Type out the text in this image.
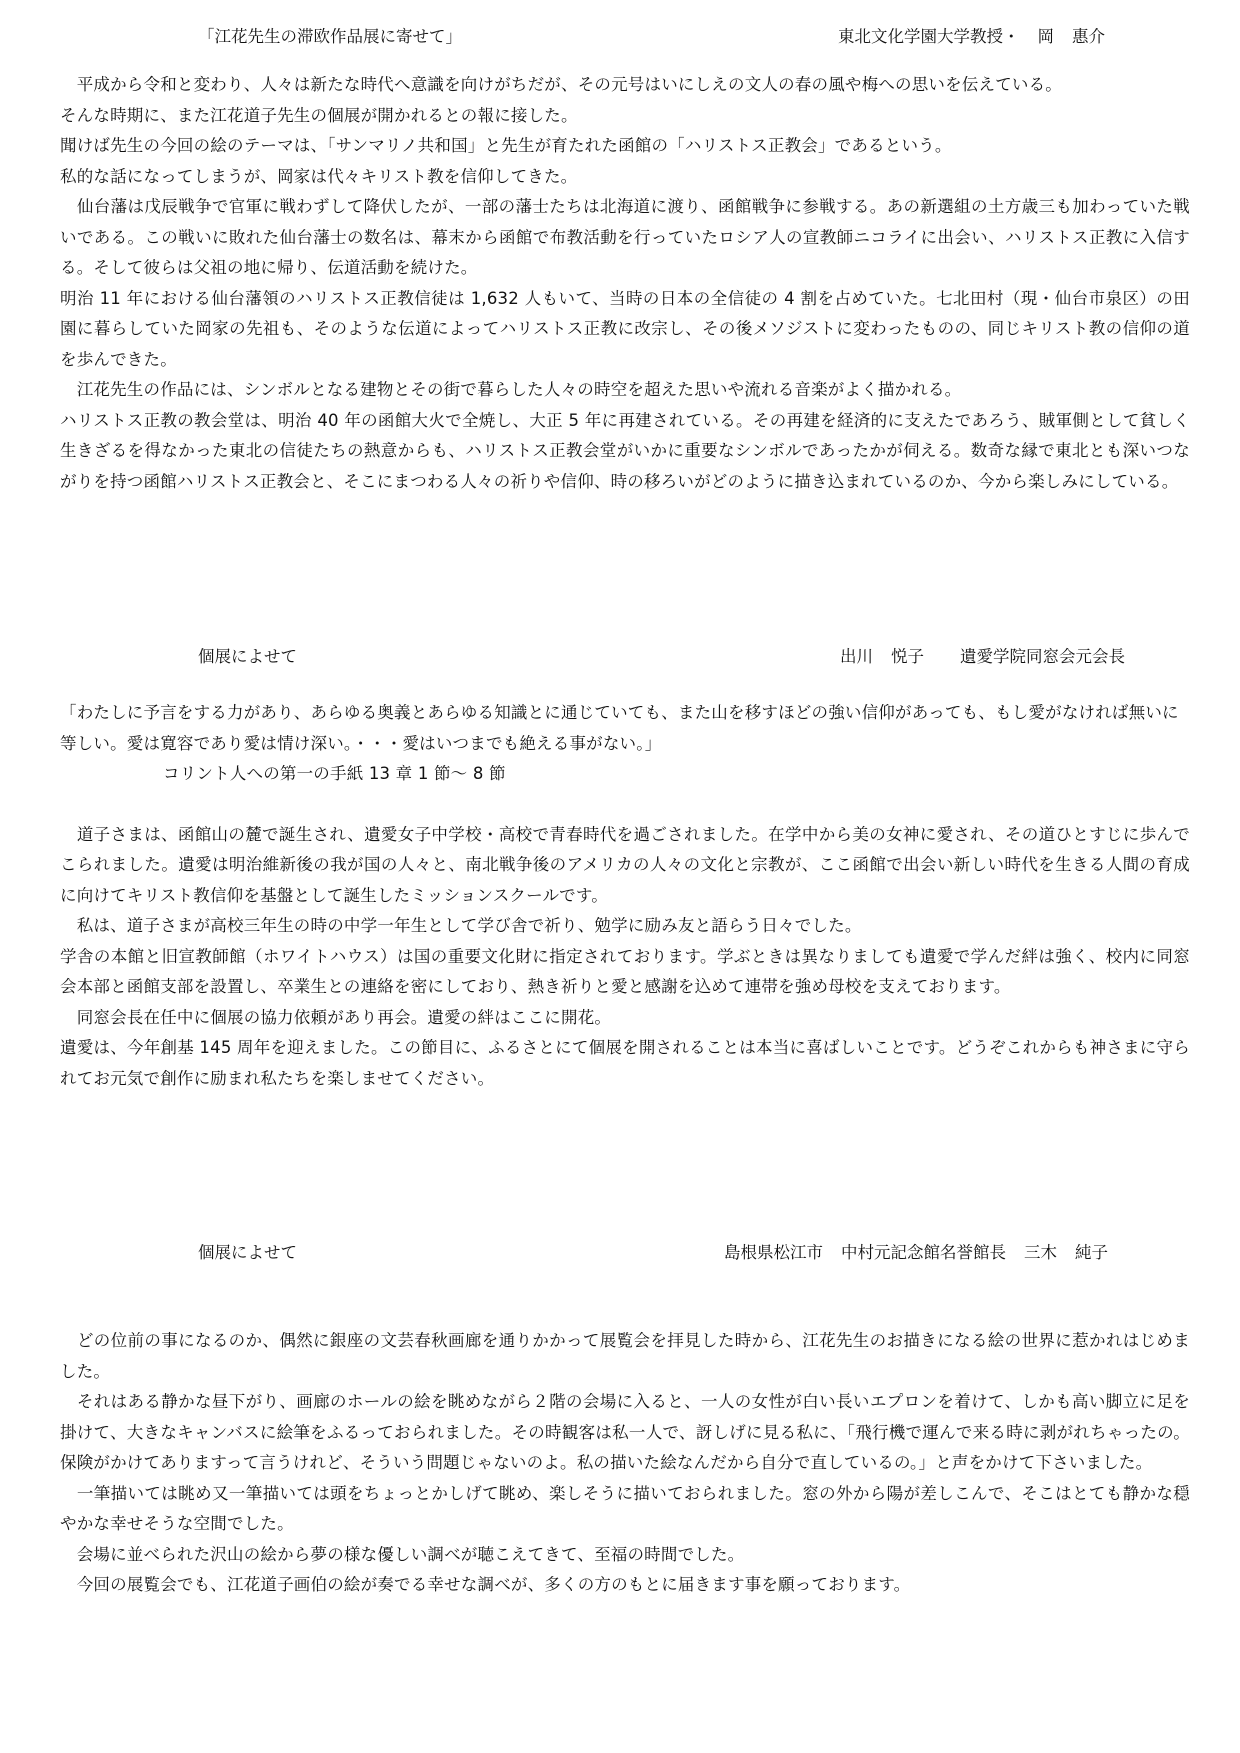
「江花先生の滞欧作品展に寄せて」	東北文化学園大学教授・ 岡 惠介

　平成から令和と変わり、人々は新たな時代へ意識を向けがちだが、その元号はいにしえの文人の春の風や梅への思いを伝えている。

そんな時期に、また江花道子先生の個展が開かれるとの報に接した。

聞けば先生の今回の絵のテーマは、「サンマリノ共和国」と先生が育たれた函館の「ハリストス正教会」であるという。

私的な話になってしまうが、岡家は代々キリスト教を信仰してきた。

　仙台藩は戊辰戦争で官軍に戦わずして降伏したが、一部の藩士たちは北海道に渡り、函館戦争に参戦する。あの新選組の土方歳三も加わっていた戦いである。この戦いに敗れた仙台藩士の数名は、幕末から函館で布教活動を行っていたロシア人の宣教師ニコライに出会い、ハリストス正教に入信する。そして彼らは父祖の地に帰り、伝道活動を続けた。

明治 11 年における仙台藩領のハリストス正教信徒は 1,632 人もいて、当時の日本の全信徒の 4 割を占めていた。七北田村（現・仙台市泉区）の田園に暮らしていた岡家の先祖も、そのような伝道によってハリストス正教に改宗し、その後メソジストに変わったものの、同じキリスト教の信仰の道を歩んできた。

　江花先生の作品には、シンボルとなる建物とその街で暮らした人々の時空を超えた思いや流れる音楽がよく描かれる。

ハリストス正教の教会堂は、明治 40 年の函館大火で全焼し、大正 5 年に再建されている。その再建を経済的に支えたであろう、賊軍側として貧しく生きざるを得なかった東北の信徒たちの熱意からも、ハリストス正教会堂がいかに重要なシンボルであったかが伺える。数奇な縁で東北とも深いつながりを持つ函館ハリストス正教会と、そこにまつわる人々の祈りや信仰、時の移ろいがどのように描き込まれているのか、今から楽しみにしている。

個展によせて	出川 悦子 遺愛学院同窓会元会長

「わたしに予言をする力があり、あらゆる奥義とあらゆる知識とに通じていても、また山を移すほどの強い信仰があっても、もし愛がなければ無いに等しい。愛は寛容であり愛は情け深い。・・・愛はいつまでも絶える事がない。」

コリント人への第一の手紙 13 章 1 節～ 8 節

　道子さまは、函館山の麓で誕生され、遺愛女子中学校・高校で青春時代を過ごされました。在学中から美の女神に愛され、その道ひとすじに歩んでこられました。遺愛は明治維新後の我が国の人々と、南北戦争後のアメリカの人々の文化と宗教が、ここ函館で出会い新しい時代を生きる人間の育成に向けてキリスト教信仰を基盤として誕生したミッションスクールです。

　私は、道子さまが高校三年生の時の中学一年生として学び舎で祈り、勉学に励み友と語らう日々でした。

学舎の本館と旧宣教師館（ホワイトハウス）は国の重要文化財に指定されております。学ぶときは異なりましても遺愛で学んだ絆は強く、校内に同窓会本部と函館支部を設置し、卒業生との連絡を密にしており、熱き祈りと愛と感謝を込めて連帯を強め母校を支えております。

　同窓会長在任中に個展の協力依頼があり再会。遺愛の絆はここに開花。

遺愛は、今年創基 145 周年を迎えました。この節目に、ふるさとにて個展を開されることは本当に喜ばしいことです。どうぞこれからも神さまに守られてお元気で創作に励まれ私たちを楽しませてください。

個展によせて	島根県松江市 中村元記念館名誉館長 三木 純子

　どの位前の事になるのか、偶然に銀座の文芸春秋画廊を通りかかって展覧会を拝見した時から、江花先生のお描きになる絵の世界に惹かれはじめました。

　それはある静かな昼下がり、画廊のホールの絵を眺めながら２階の会場に入ると、一人の女性が白い長いエプロンを着けて、しかも高い脚立に足を掛けて、大きなキャンバスに絵筆をふるっておられました。その時観客は私一人で、訝しげに見る私に、「飛行機で運んで来る時に剥がれちゃったの。保険がかけてありますって言うけれど、そういう問題じゃないのよ。私の描いた絵なんだから自分で直しているの。」と声をかけて下さいました。

　一筆描いては眺め又一筆描いては頭をちょっとかしげて眺め、楽しそうに描いておられました。窓の外から陽が差しこんで、そこはとても静かな穏やかな幸せそうな空間でした。

　会場に並べられた沢山の絵から夢の様な優しい調べが聴こえてきて、至福の時間でした。

　今回の展覧会でも、江花道子画伯の絵が奏でる幸せな調べが、多くの方のもとに届きます事を願っております。
